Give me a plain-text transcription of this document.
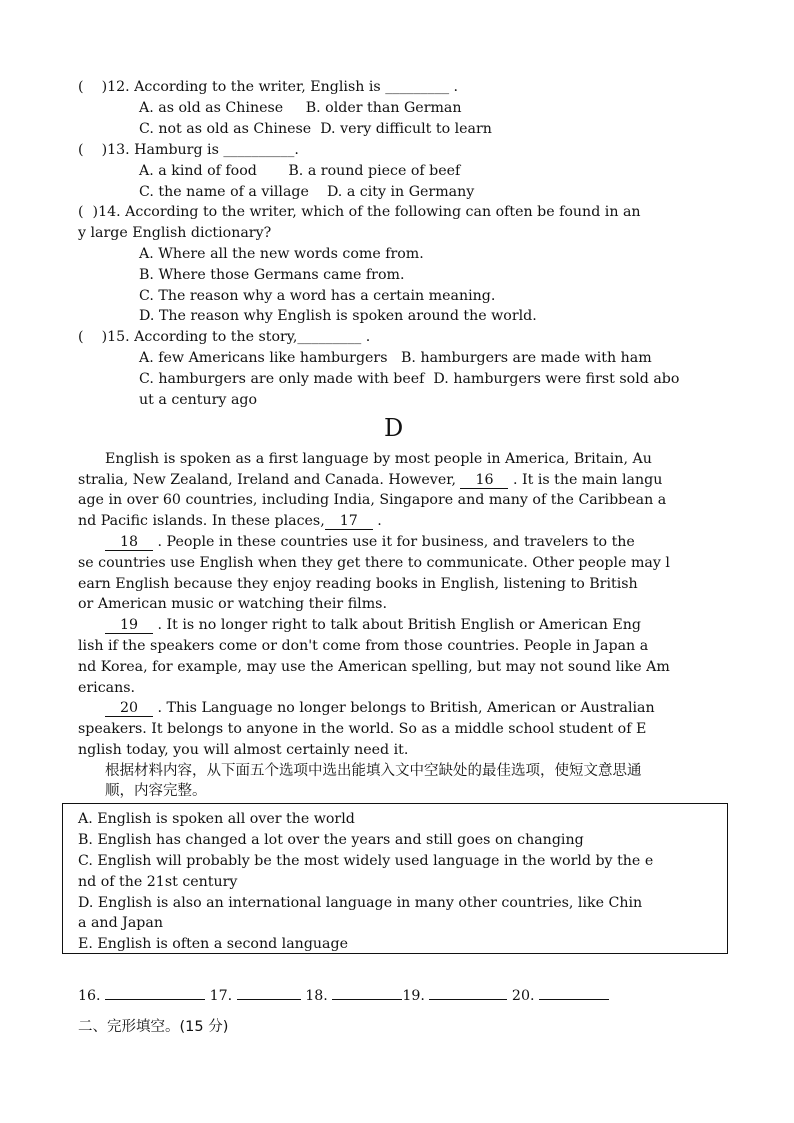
(    )12. According to the writer, English is _________ .
A. as old as Chinese     B. older than German
C. not as old as Chinese  D. very difficult to learn
(    )13. Hamburg is __________.
A. a kind of food       B. a round piece of beef
C. the name of a village    D. a city in Germany
(  )14. According to the writer, which of the following can often be found in an
y large English dictionary?
A. Where all the new words come from.
B. Where those Germans came from.
C. The reason why a word has a certain meaning.
D. The reason why English is spoken around the world.
(    )15. According to the story,_________ .
A. few Americans like hamburgers   B. hamburgers are made with ham
C. hamburgers are only made with beef  D. hamburgers were first sold abo
ut a century ago
D
English is spoken as a first language by most people in America, Britain, Au
stralia, New Zealand, Ireland and Canada. However, 16 . It is the main langu
age in over 60 countries, including India, Singapore and many of the Caribbean a
nd Pacific islands. In these places, 17 .
18 . People in these countries use it for business, and travelers to the
se countries use English when they get there to communicate. Other people may l
earn English because they enjoy reading books in English, listening to British
or American music or watching their films.
19 . It is no longer right to talk about British English or American Eng
lish if the speakers come or don't come from those countries. People in Japan a
nd Korea, for example, may use the American spelling, but may not sound like Am
ericans.
20 . This Language no longer belongs to British, American or Australian
speakers. It belongs to anyone in the world. So as a middle school student of E
nglish today, you will almost certainly need it.
根据材料内容，从下面五个选项中选出能填入文中空缺处的最佳选项，使短文意思通
顺，内容完整。
A. English is spoken all over the world
B. English has changed a lot over the years and still goes on changing
C. English will probably be the most widely used language in the world by the e
nd of the 21st century
D. English is also an international language in many other countries, like Chin
a and Japan
E. English is often a second language
16.	17.	18.	19.	20.
二、完形填空。(15 分)
